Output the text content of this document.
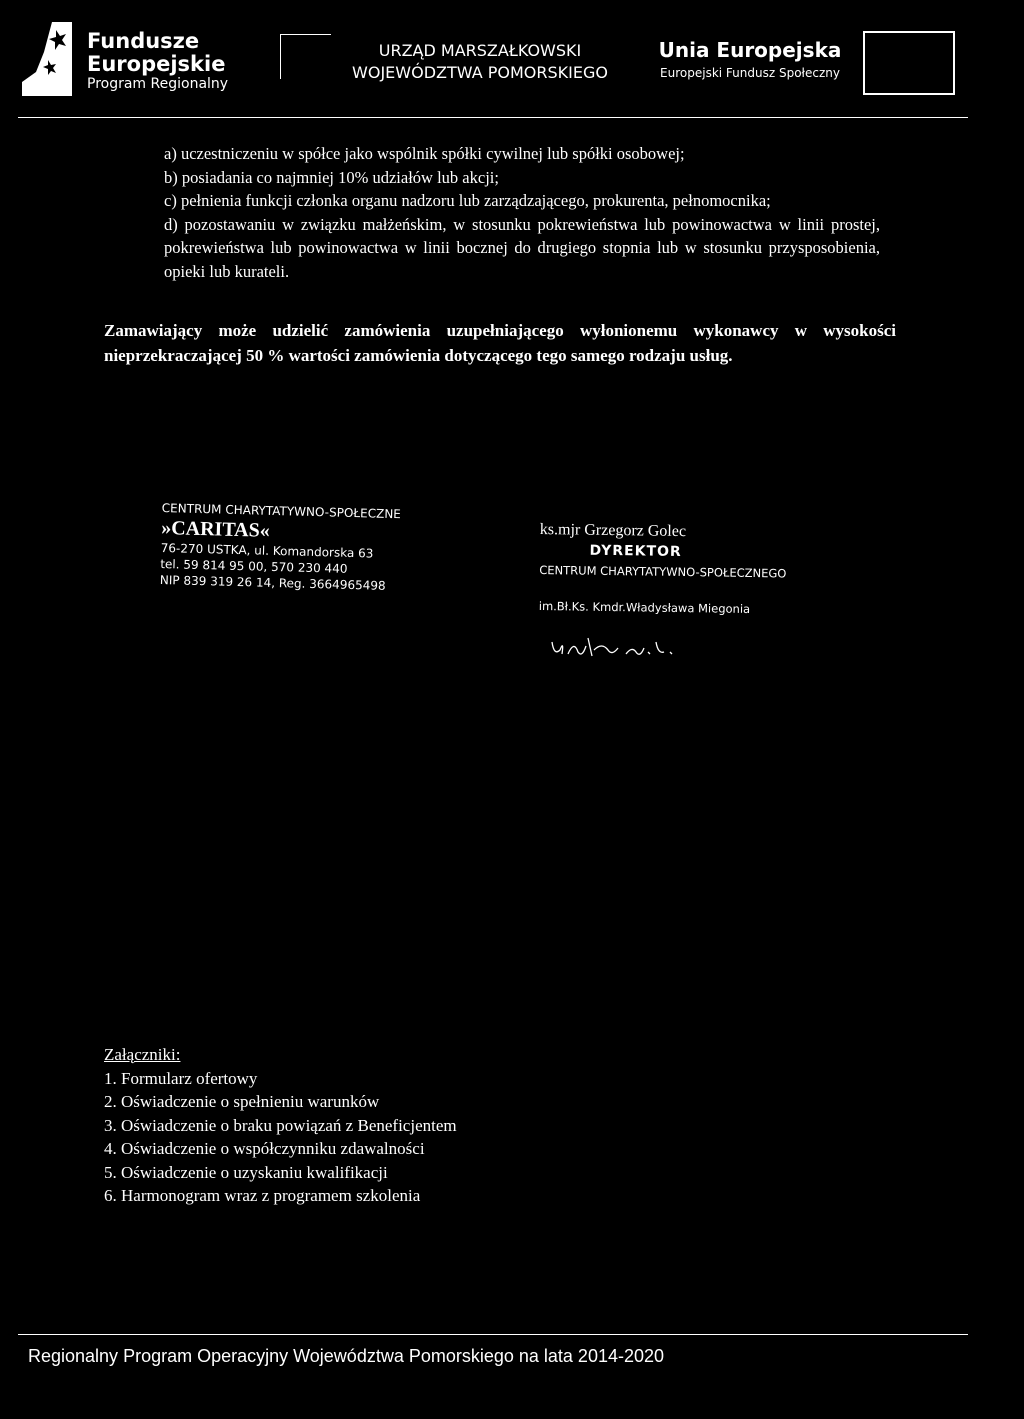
Fundusze
Europejskie
Program Regionalny
URZĄD MARSZAŁKOWSKI
WOJEWÓDZTWA POMORSKIEGO
Unia Europejska
Europejski Fundusz Społeczny

a) uczestniczeniu w spółce jako wspólnik spółki cywilnej lub spółki osobowej;

b) posiadania co najmniej 10% udziałów lub akcji;

c) pełnienia funkcji członka organu nadzoru lub zarządzającego, prokurenta, pełnomocnika;

d) pozostawaniu w związku małżeńskim, w stosunku pokrewieństwa lub powinowactwa w linii prostej, pokrewieństwa lub powinowactwa w linii bocznej do drugiego stopnia lub w stosunku przysposobienia, opieki lub kurateli.

Zamawiający może udzielić zamówienia uzupełniającego wyłonionemu wykonawcy w wysokości nieprzekraczającej 50 % wartości zamówienia dotyczącego tego samego rodzaju usług.
CENTRUM CHARYTATYWNO-SPOŁECZNE
»CARITAS«
76-270 USTKA, ul. Komandorska 63
tel. 59 814 95 00, 570 230 440
NIP 839 319 26 14, Reg. 3664965498
ks.mjr Grzegorz Golec
DYREKTOR
CENTRUM CHARYTATYWNO-SPOŁECZNEGO
im.Bł.Ks. Kmdr.Władysława Miegonia
Załączniki:
1. Formularz ofertowy
2. Oświadczenie o spełnieniu warunków
3. Oświadczenie o braku powiązań z Beneficjentem
4. Oświadczenie o współczynniku zdawalności
5. Oświadczenie o uzyskaniu kwalifikacji
6. Harmonogram wraz z programem szkolenia
Regionalny Program Operacyjny Województwa Pomorskiego na lata 2014-2020
